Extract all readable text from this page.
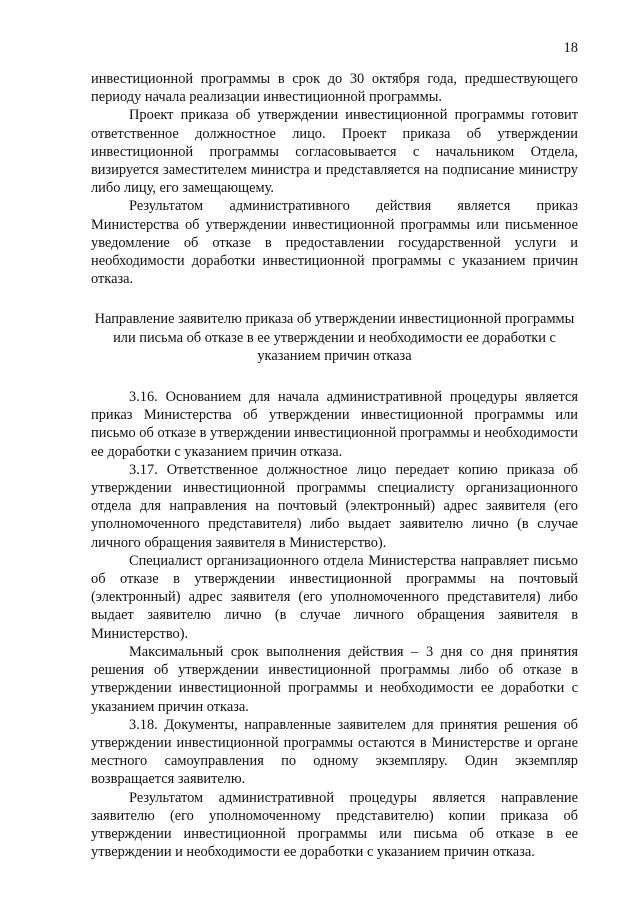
18

инвестиционной программы в срок до 30 октября года, предшествующего периоду начала реализации инвестиционной программы.

Проект приказа об утверждении инвестиционной программы готовит ответственное должностное лицо. Проект приказа об утверждении инвестиционной программы согласовывается с начальником Отдела, визируется заместителем министра и представляется на подписание министру либо лицу, его замещающему.

Результатом административного действия является приказ Министерства об утверждении инвестиционной программы или письменное уведомление об отказе в предоставлении государственной услуги и необходимости доработки инвестиционной программы с указанием причин отказа.

Направление заявителю приказа об утверждении инвестиционной программы или письма об отказе в ее утверждении и необходимости ее доработки с указанием причин отказа

3.16. Основанием для начала административной процедуры является приказ Министерства об утверждении инвестиционной программы или письмо об отказе в утверждении инвестиционной программы и необходимости ее доработки с указанием причин отказа.

3.17. Ответственное должностное лицо передает копию приказа об утверждении инвестиционной программы специалисту организационного отдела для направления на почтовый (электронный) адрес заявителя (его уполномоченного представителя) либо выдает заявителю лично (в случае личного обращения заявителя в Министерство).

Специалист организационного отдела Министерства направляет письмо об отказе в утверждении инвестиционной программы на почтовый (электронный) адрес заявителя (его уполномоченного представителя) либо выдает заявителю лично (в случае личного обращения заявителя в Министерство).

Максимальный срок выполнения действия – 3 дня со дня принятия решения об утверждении инвестиционной программы либо об отказе в утверждении инвестиционной программы и необходимости ее доработки с указанием причин отказа.

3.18. Документы, направленные заявителем для принятия решения об утверждении инвестиционной программы остаются в Министерстве и органе местного самоуправления по одному экземпляру. Один экземпляр возвращается заявителю.

Результатом административной процедуры является направление заявителю (его уполномоченному представителю) копии приказа об утверждении инвестиционной программы или письма об отказе в ее утверждении и необходимости ее доработки с указанием причин отказа.
